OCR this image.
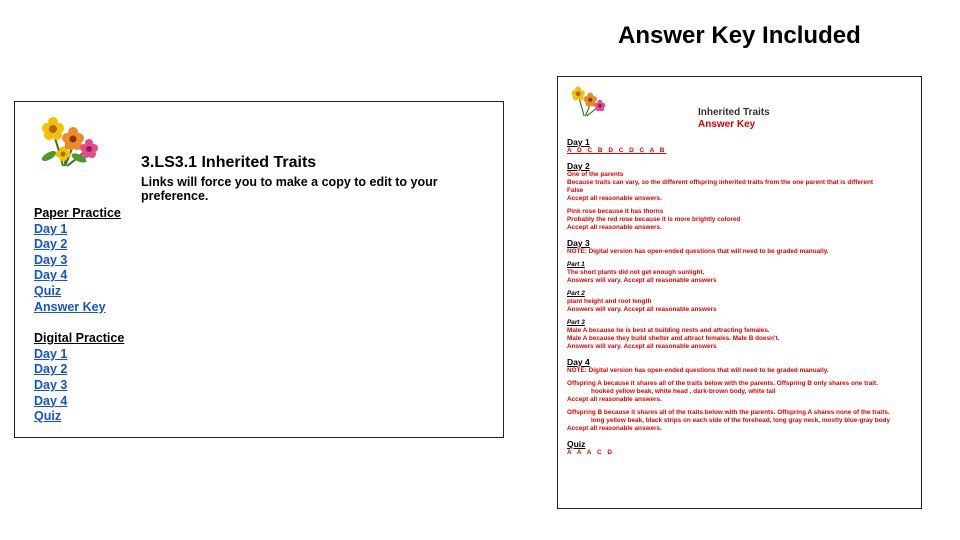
Answer Key Included
3.LS3.1 Inherited Traits
Links will force you to make a copy to edit to your preference.
Paper Practice
Day 1
Day 2
Day 3
Day 4
Quiz
Answer Key
Digital Practice
Day 1
Day 2
Day 3
Day 4
Quiz
Inherited Traits
Answer Key
Day 1
A D C B D C D C A B
Day 2
One of the parents
Because traits can vary, so the different offspring inherited traits from the one parent that is different
False
Accept all reasonable answers.
Pink rose because it has thorns
Probably the red rose because it is more brightly colored
Accept all reasonable answers.
Day 3
NOTE: Digital version has open-ended questions that will need to be graded manually.
Part 1
The short plants did not get enough sunlight.
Answers will vary. Accept all reasonable answers
Part 2
plant height and root length
Answers will vary. Accept all reasonable answers
Part 3
Male A because he is best at building nests and attracting females.
Male A because they build shelter and attract females. Male B doesn't.
Answers will vary. Accept all reasonable answers
Day 4
NOTE: Digital version has open-ended questions that will need to be graded manually.
Offspring A because it shares all of the traits below with the parents. Offspring B only shares one trait.
hooked yellow beak, white head , dark-brown body, white tail
Accept all reasonable answers.
Offspring B because it shares all of the traits below with the parents. Offspring A shares none of the traits.
long yellow beak, black strips on each side of the forehead, long gray neck, mostly blue-gray body
Accept all reasonable answers.
Quiz
A A A C D
